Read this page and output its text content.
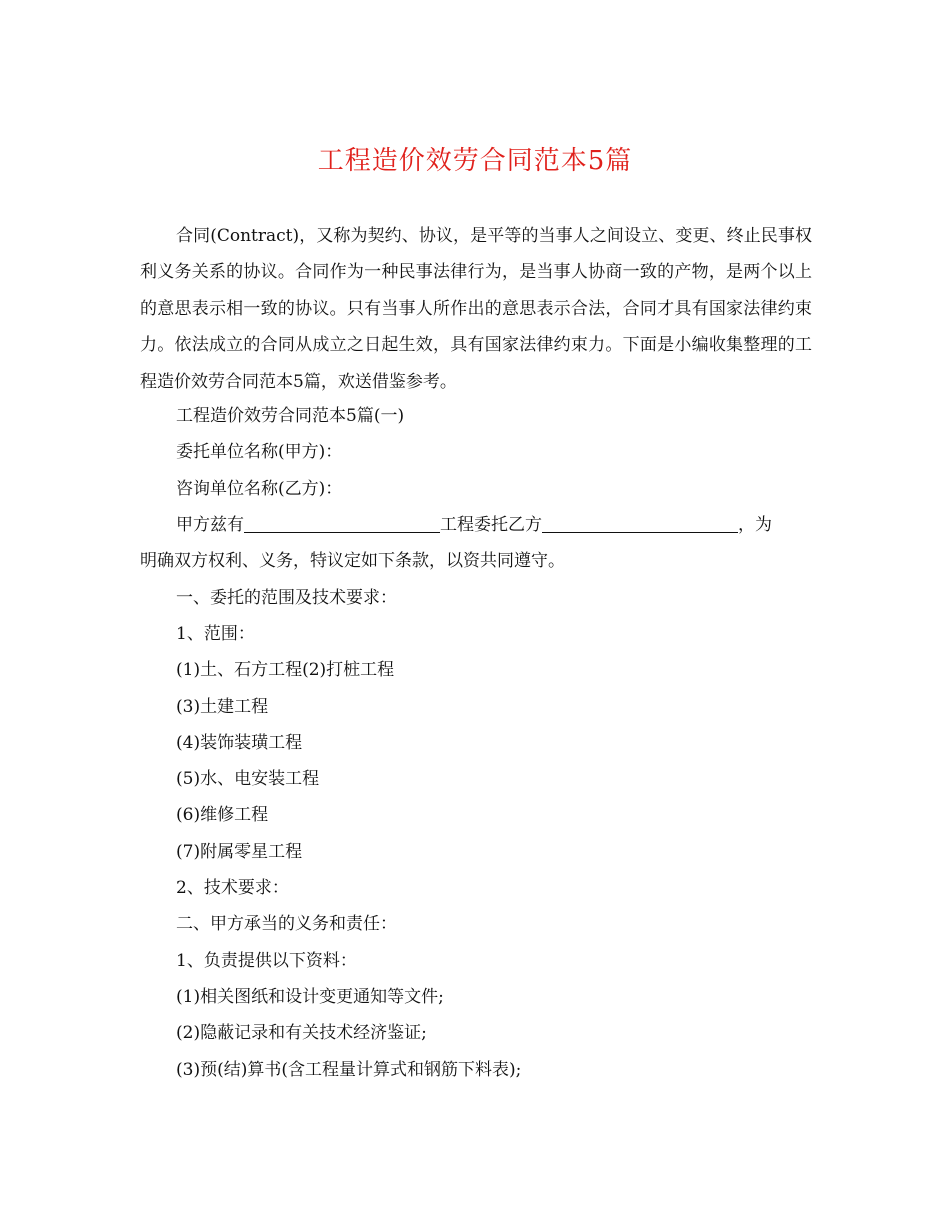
工程造价效劳合同范本5篇

合同(Contract)，又称为契约、协议，是平等的当事人之间设立、变更、终止民事权利义务关系的协议。合同作为一种民事法律行为，是当事人协商一致的产物，是两个以上的意思表示相一致的协议。只有当事人所作出的意思表示合法，合同才具有国家法律约束力。依法成立的合同从成立之日起生效，具有国家法律约束力。下面是小编收集整理的工程造价效劳合同范本5篇，欢送借鉴参考。

工程造价效劳合同范本5篇(一)

委托单位名称(甲方)：

咨询单位名称(乙方)：

甲方兹有	工程委托乙方	，为

明确双方权利、义务，特议定如下条款，以资共同遵守。

一、委托的范围及技术要求：

1、范围：

(1)土、石方工程(2)打桩工程

(3)土建工程

(4)装饰装璜工程

(5)水、电安装工程

(6)维修工程

(7)附属零星工程

2、技术要求：

二、甲方承当的义务和责任：

1、负责提供以下资料：

(1)相关图纸和设计变更通知等文件;

(2)隐蔽记录和有关技术经济鉴证;

(3)预(结)算书(含工程量计算式和钢筋下料表);
